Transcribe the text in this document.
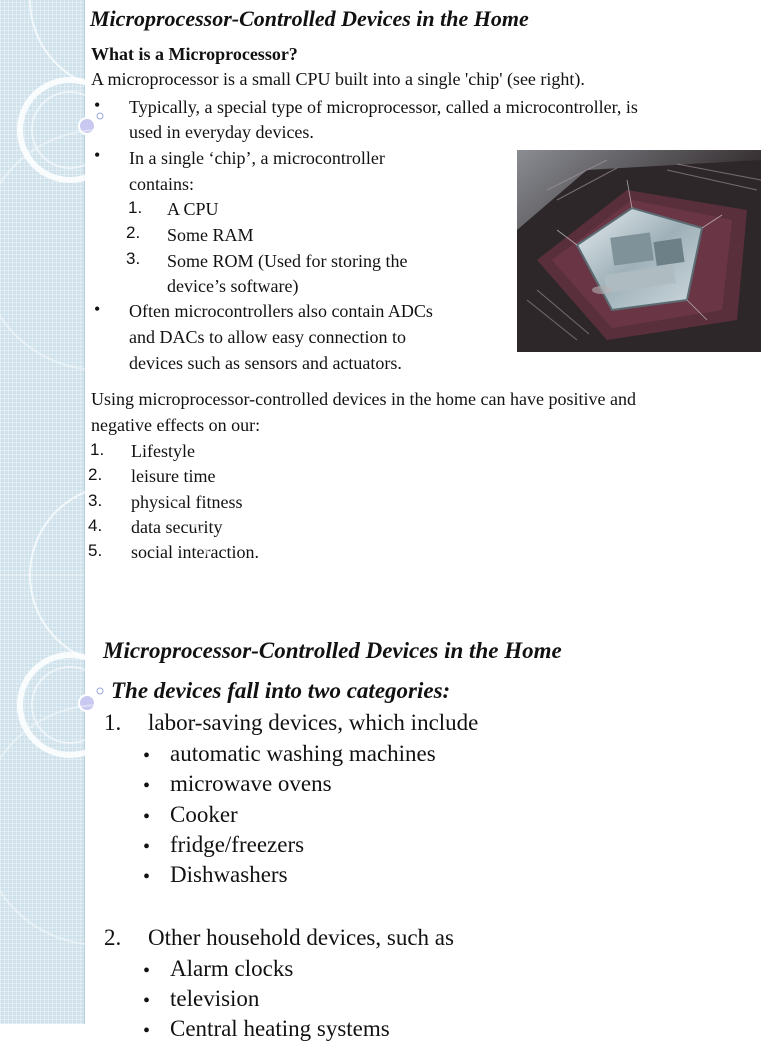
Microprocessor-Controlled Devices in the Home
What is a Microprocessor?

A microprocessor is a small CPU built into a single 'chip' (see right).

• Typically, a special type of microprocessor, called a microcontroller, is
used in everyday devices.
• In a single ‘chip’, a microcontroller
contains:
1. A CPU
2. Some RAM
3. Some ROM (Used for storing the
device’s software)
• Often microcontrollers also contain ADCs
and DACs to allow easy connection to
devices such as sensors and actuators.
Using microprocessor-controlled devices in the home can have positive and
negative effects on our:
1. Lifestyle
2. leisure time
3. physical fitness
4. data security
5. social interaction.
Microprocessor-Controlled Devices in the Home
The devices fall into two categories:
1. labor-saving devices, which include
• automatic washing machines
• microwave ovens
• Cooker
• fridge/freezers
• Dishwashers
2. Other household devices, such as
• Alarm clocks
• television
• Central heating systems
